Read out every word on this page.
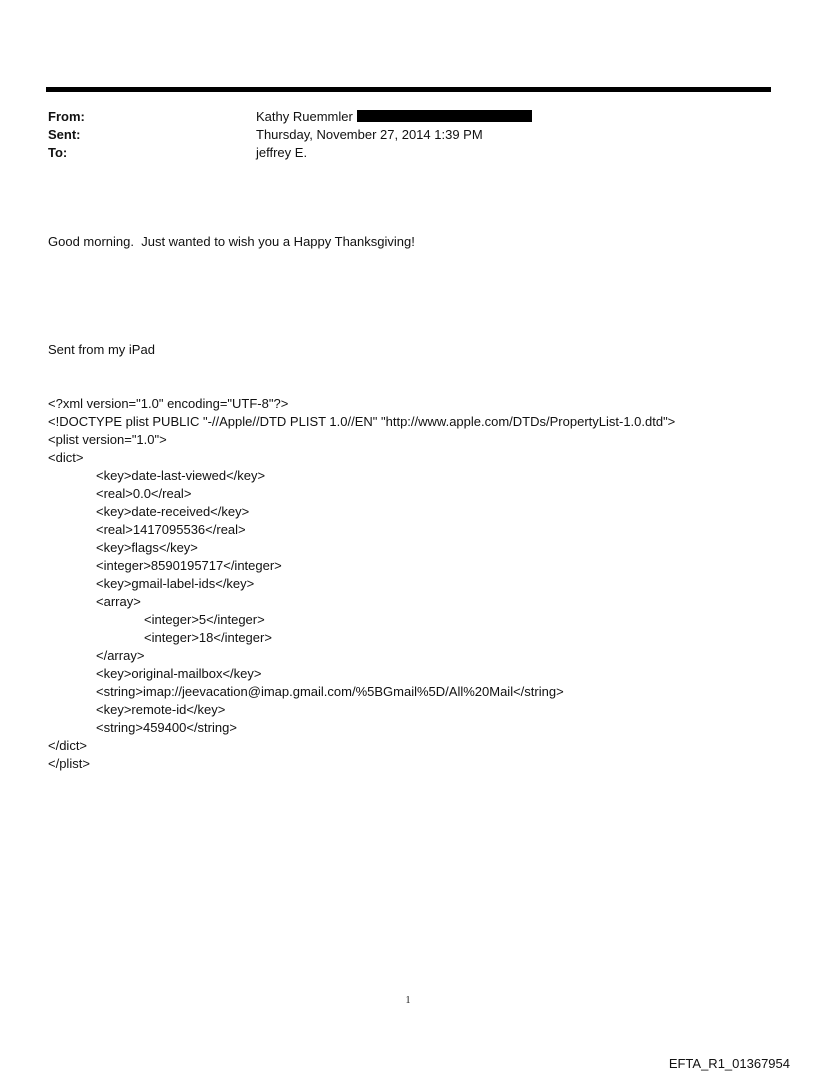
From:	Kathy Ruemmler
Sent:	Thursday, November 27, 2014 1:39 PM
To:	jeffrey E.

Good morning.  Just wanted to wish you a Happy Thanksgiving!

Sent from my iPad

<?xml version="1.0" encoding="UTF-8"?>
<!DOCTYPE plist PUBLIC "-//Apple//DTD PLIST 1.0//EN" "http://www.apple.com/DTDs/PropertyList-1.0.dtd">
<plist version="1.0">
<dict>
<key>date-last-viewed</key>
<real>0.0</real>
<key>date-received</key>
<real>1417095536</real>
<key>flags</key>
<integer>8590195717</integer>
<key>gmail-label-ids</key>
<array>
<integer>5</integer>
<integer>18</integer>
</array>
<key>original-mailbox</key>
<string>imap://jeevacation@imap.gmail.com/%5BGmail%5D/All%20Mail</string>
<key>remote-id</key>
<string>459400</string>
</dict>
</plist>

1
EFTA_R1_01367954
